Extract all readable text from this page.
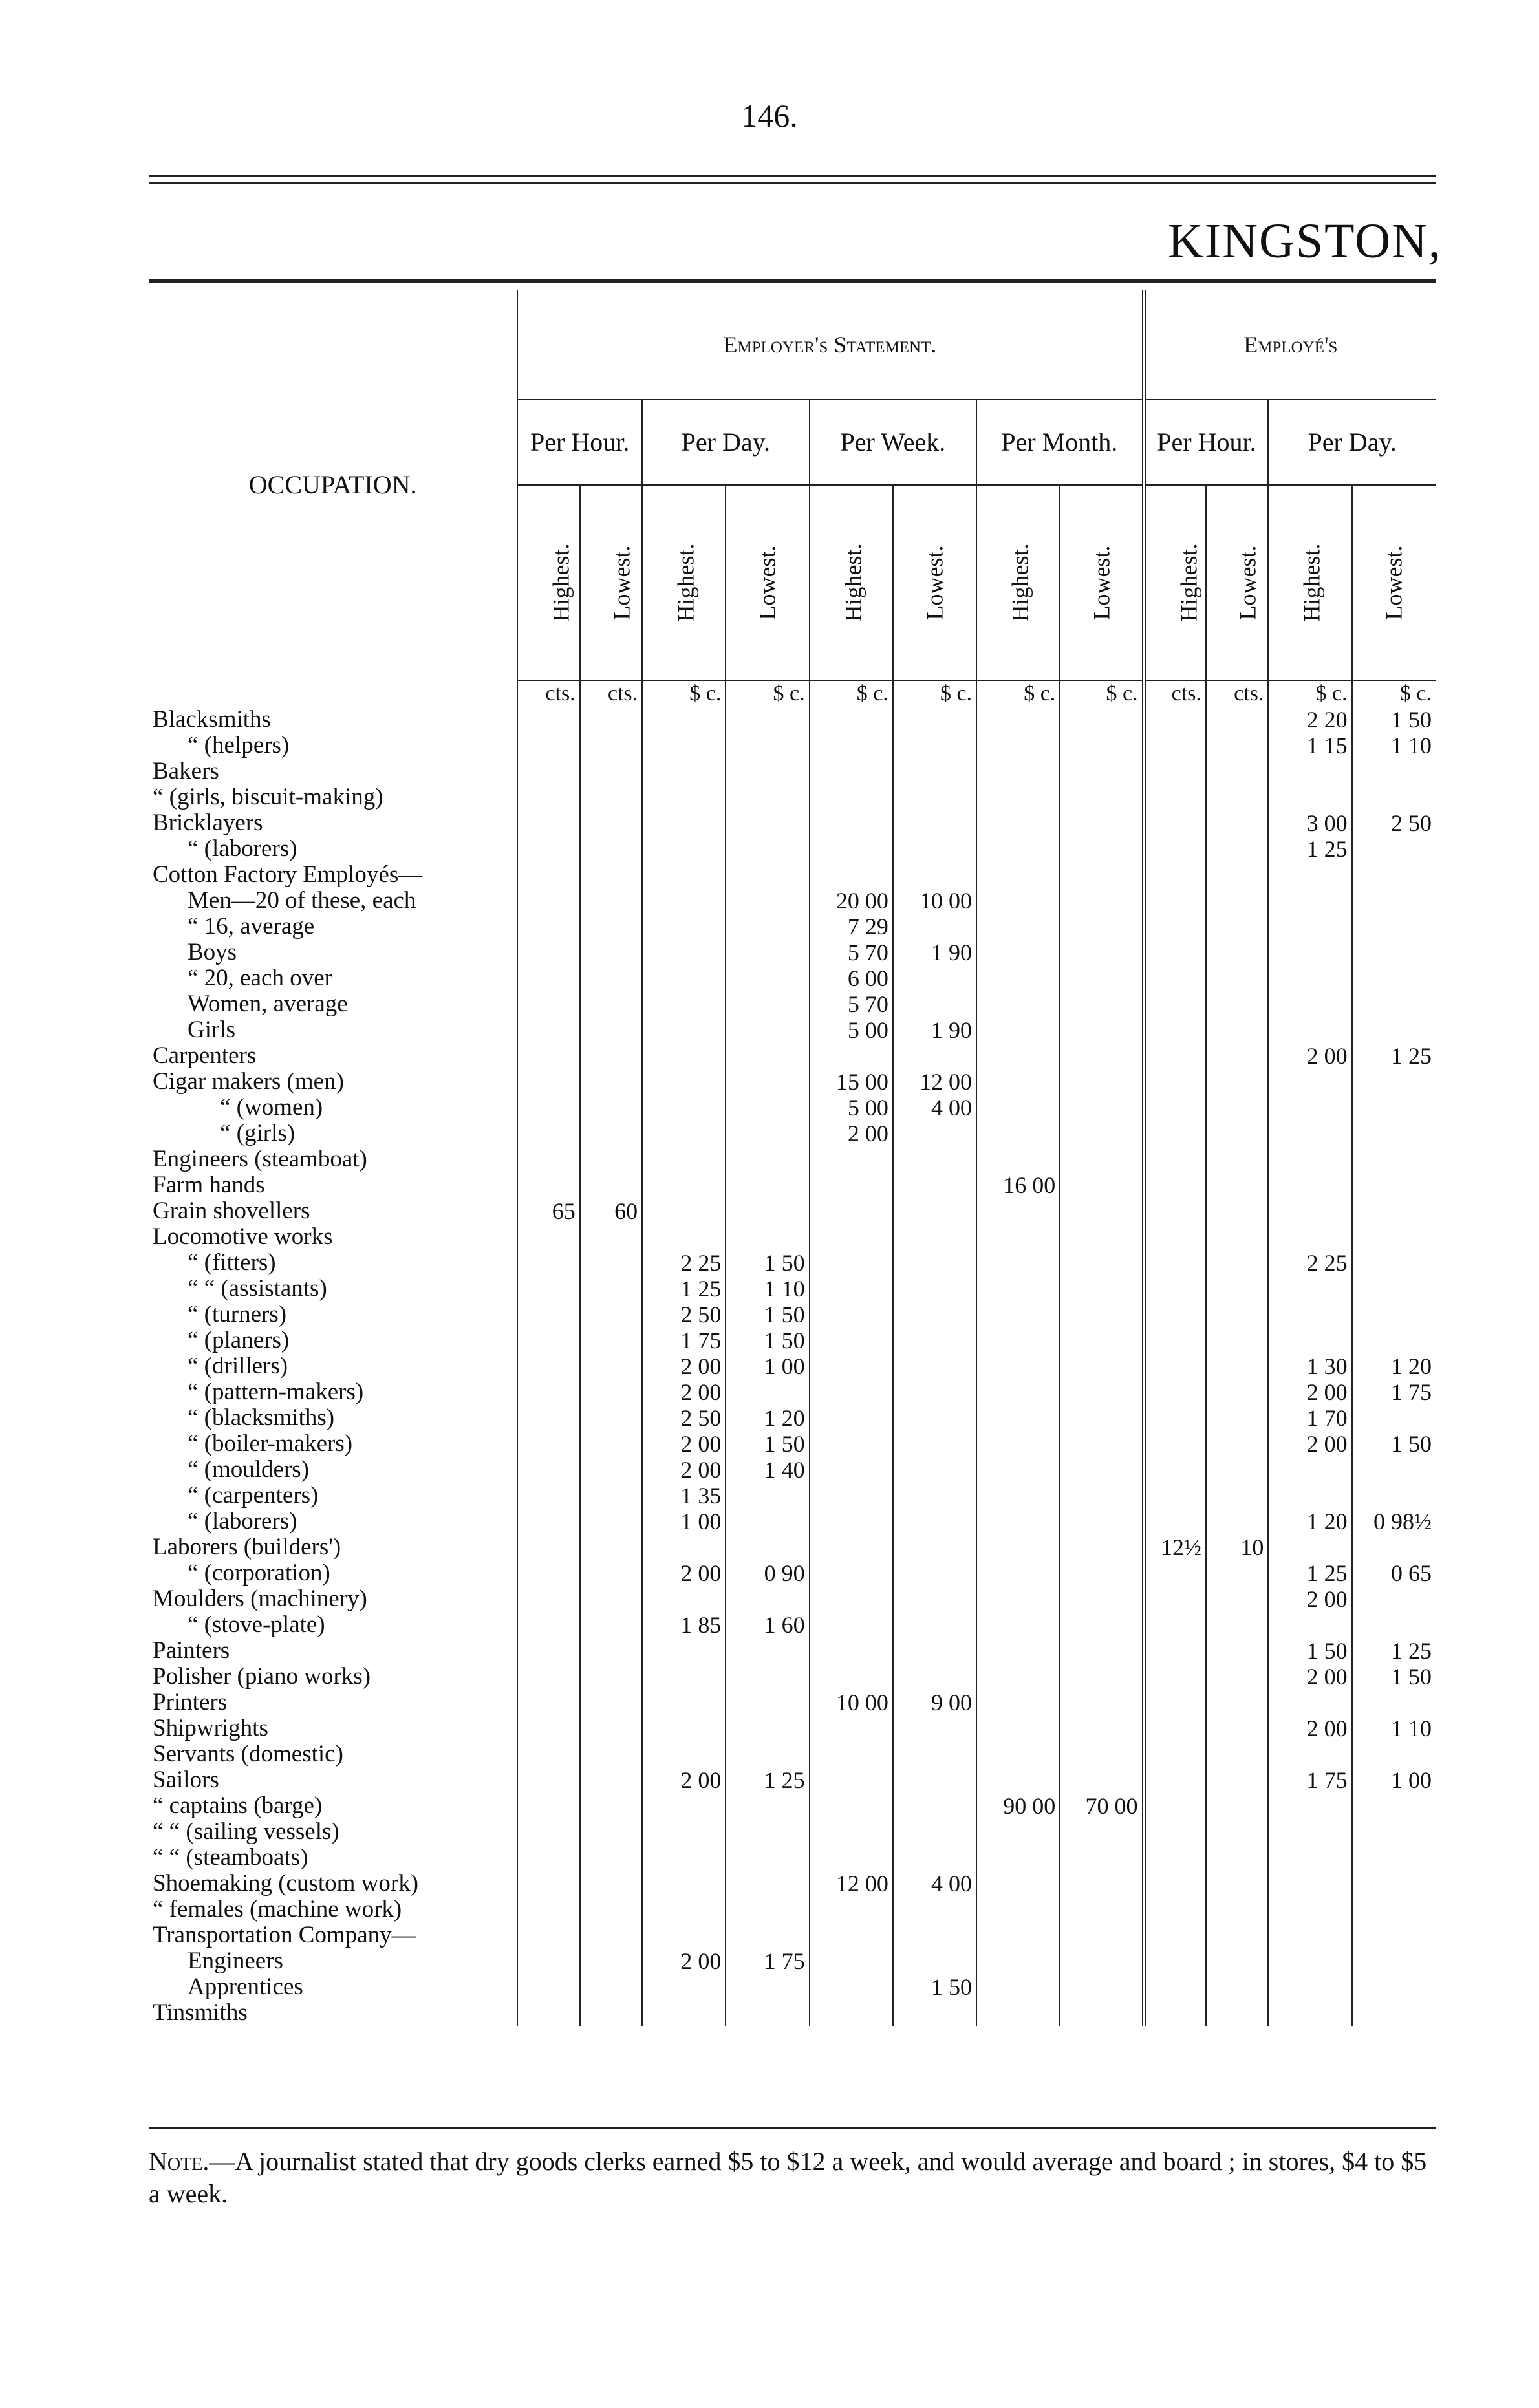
146.
KINGSTON,
OCCUPATION.	Employer's Statement.								Employé's			
	Per Hour.		Per Day.		Per Week.		Per Month.		Per Hour.		Per Day.	
	Highest.	Lowest.	Highest.	Lowest.	Highest.	Lowest.	Highest.	Lowest.	Highest.	Lowest.	Highest.	Lowest.
	cts.	cts.	$ c.	$ c.	$ c.	$ c.	$ c.	$ c.	cts.	cts.	$ c.	$ c.
Blacksmiths											2 20	1 50
“ (helpers)											1 15	1 10
Bakers												
“ (girls, biscuit-making)												
Bricklayers											3 00	2 50
“ (laborers)											1 25	
Cotton Factory Employés—												
Men—20 of these, each					20 00	10 00						
“ 16, average					7 29							
Boys					5 70	1 90						
“ 20, each over					6 00							
Women, average					5 70							
Girls					5 00	1 90						
Carpenters											2 00	1 25
Cigar makers (men)					15 00	12 00						
“ (women)					5 00	4 00						
“ (girls)					2 00							
Engineers (steamboat)												
Farm hands							16 00					
Grain shovellers	65	60										
Locomotive works												
“ (fitters)			2 25	1 50							2 25	
“ “ (assistants)			1 25	1 10								
“ (turners)			2 50	1 50								
“ (planers)			1 75	1 50								
“ (drillers)			2 00	1 00							1 30	1 20
“ (pattern-makers)			2 00								2 00	1 75
“ (blacksmiths)			2 50	1 20							1 70	
“ (boiler-makers)			2 00	1 50							2 00	1 50
“ (moulders)			2 00	1 40								
“ (carpenters)			1 35									
“ (laborers)			1 00								1 20	0 98½
Laborers (builders')									12½	10		
“ (corporation)			2 00	0 90							1 25	0 65
Moulders (machinery)											2 00	
“ (stove-plate)			1 85	1 60								
Painters											1 50	1 25
Polisher (piano works)											2 00	1 50
Printers					10 00	9 00						
Shipwrights											2 00	1 10
Servants (domestic)												
Sailors			2 00	1 25							1 75	1 00
“ captains (barge)							90 00	70 00				
“ “ (sailing vessels)												
“ “ (steamboats)												
Shoemaking (custom work)					12 00	4 00						
“ females (machine work)												
Transportation Company—												
Engineers			2 00	1 75								
Apprentices						1 50						
Tinsmiths												
Note.—A journalist stated that dry goods clerks earned $5 to $12 a week, and would average and board ; in stores, $4 to $5 a week.
